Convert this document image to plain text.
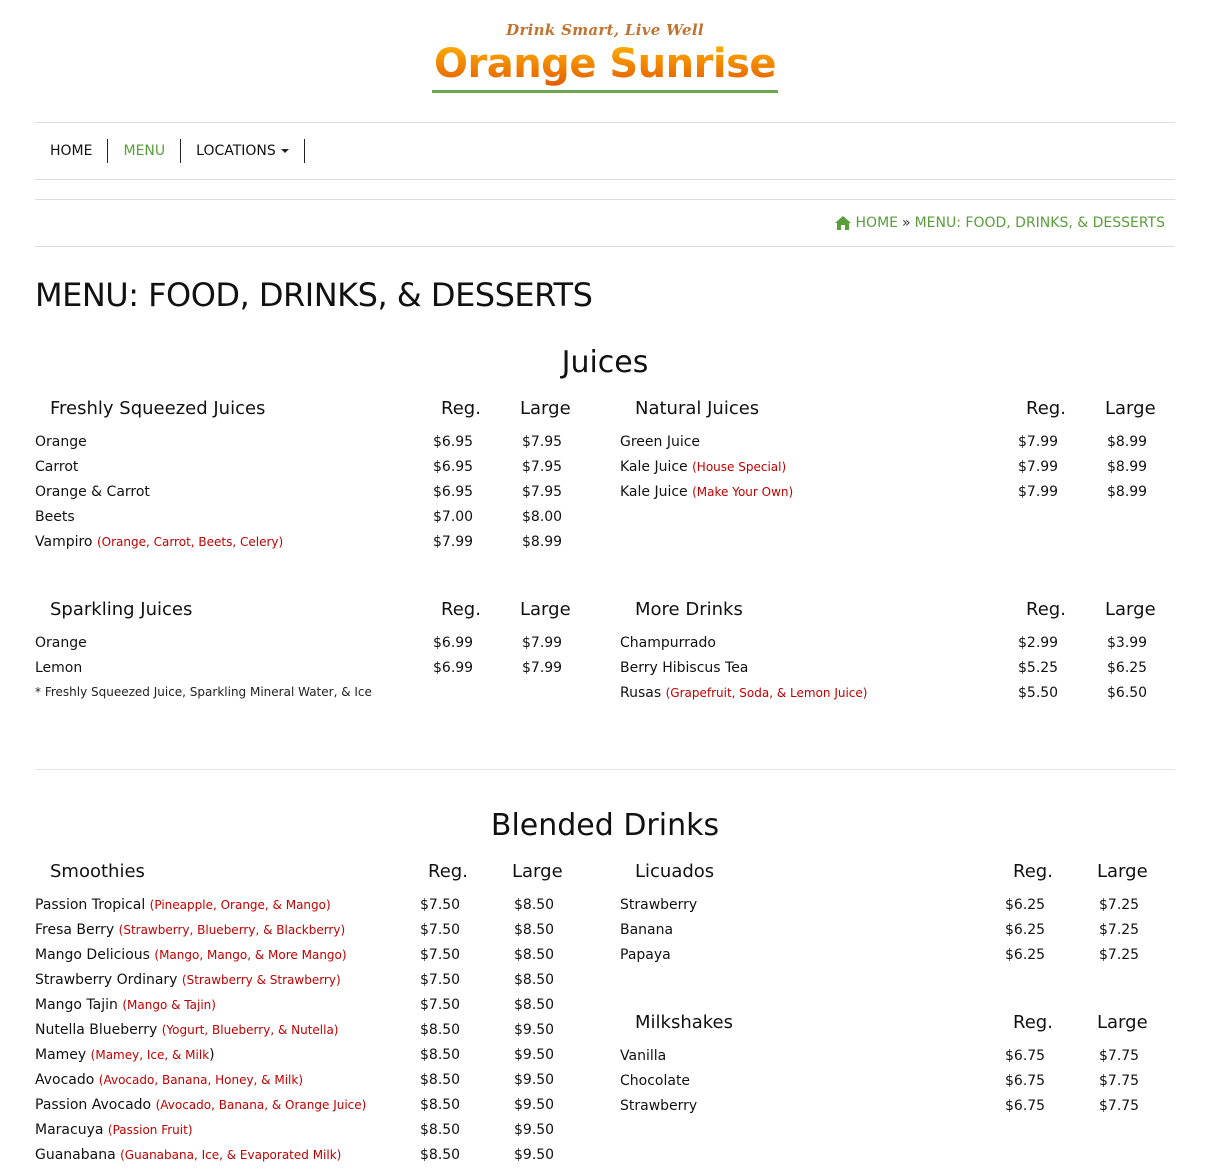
Drink Smart, Live Well
Orange Sunrise
HOME	MENU	LOCATIONS
HOME » MENU: FOOD, DRINKS, & DESSERTS
MENU: FOOD, DRINKS, & DESSERTS
Juices
Freshly Squeezed Juices	Reg. Large
Orange	$6.95	$7.95
Carrot	$6.95	$7.95
Orange & Carrot	$6.95	$7.95
Beets	$7.00	$8.00
Vampiro (Orange, Carrot, Beets, Celery)	$7.99	$8.99
Natural Juices	Reg. Large
Green Juice	$7.99	$8.99
Kale Juice (House Special)	$7.99	$8.99
Kale Juice (Make Your Own)	$7.99	$8.99
Sparkling Juices	Reg. Large
Orange	$6.99	$7.99
Lemon	$6.99	$7.99
* Freshly Squeezed Juice, Sparkling Mineral Water, & Ice
More Drinks	Reg. Large
Champurrado	$2.99	$3.99
Berry Hibiscus Tea	$5.25	$6.25
Rusas (Grapefruit, Soda, & Lemon Juice)	$5.50	$6.50
Blended Drinks
Smoothies	Reg. Large
Passion Tropical (Pineapple, Orange, & Mango)	$7.50	$8.50
Fresa Berry (Strawberry, Blueberry, & Blackberry)	$7.50	$8.50
Mango Delicious (Mango, Mango, & More Mango)	$7.50	$8.50
Strawberry Ordinary (Strawberry & Strawberry)	$7.50	$8.50
Mango Tajin (Mango & Tajin)	$7.50	$8.50
Nutella Blueberry (Yogurt, Blueberry, & Nutella)	$8.50	$9.50
Mamey (Mamey, Ice, & Milk)	$8.50	$9.50
Avocado (Avocado, Banana, Honey, & Milk)	$8.50	$9.50
Passion Avocado (Avocado, Banana, & Orange Juice)	$8.50	$9.50
Maracuya (Passion Fruit)	$8.50	$9.50
Guanabana (Guanabana, Ice, & Evaporated Milk)	$8.50	$9.50
Licuados	Reg. Large
Strawberry	$6.25	$7.25
Banana	$6.25	$7.25
Papaya	$6.25	$7.25
Milkshakes	Reg. Large
Vanilla	$6.75	$7.75
Chocolate	$6.75	$7.75
Strawberry	$6.75	$7.75
